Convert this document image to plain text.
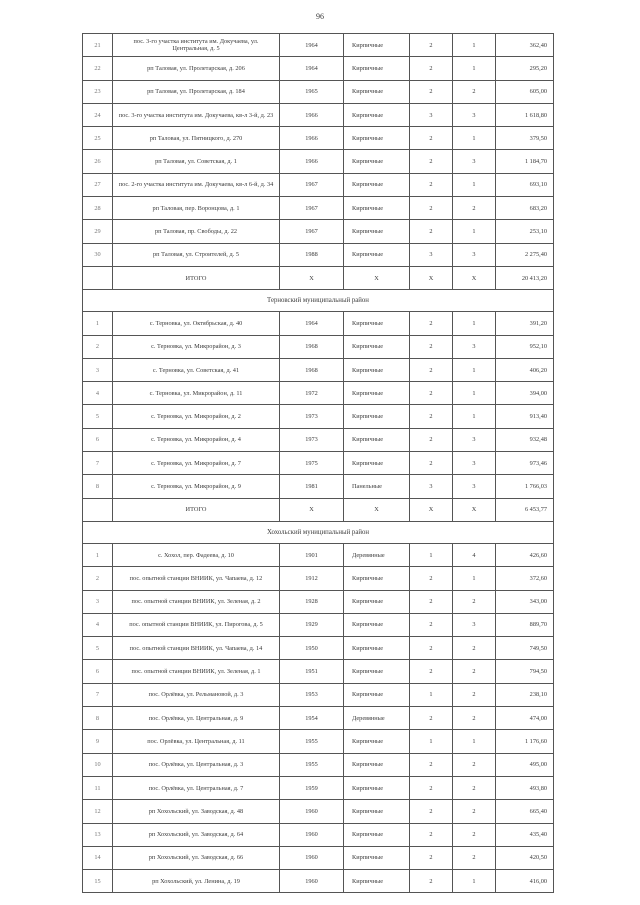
96
21	пос. 3-го участка института им. Докучаева, ул. Центральная, д. 5	1964	Кирпичные	2	1	362,40
22	рп Таловая, ул. Пролетарская, д. 206	1964	Кирпичные	2	1	295,20
23	рп Таловая, ул. Пролетарская, д. 184	1965	Кирпичные	2	2	605,00
24	пос. 3-го участка института им. Докучаева, кв-л 3-й, д. 23	1966	Кирпичные	3	3	1 618,80
25	рп Таловая, ул. Пятницкого, д. 270	1966	Кирпичные	2	1	379,50
26	рп Таловая, ул. Советская, д. 1	1966	Кирпичные	2	3	1 184,70
27	пос. 2-го участка института им. Докучаева, кв-л 6-й, д. 34	1967	Кирпичные	2	1	693,10
28	рп Таловая, пер. Воронцова, д. 1	1967	Кирпичные	2	2	683,20
29	рп Таловая, пр. Свободы, д. 22	1967	Кирпичные	2	1	253,10
30	рп Таловая, ул. Строителей, д. 5	1988	Кирпичные	3	3	2 275,40
	ИТОГО	X	X	X	X	20 413,20
Терновский муниципальный район						
1	с. Терновка, ул. Октябрьская, д. 40	1964	Кирпичные	2	1	391,20
2	с. Терновка, ул. Микрорайон, д. 3	1968	Кирпичные	2	3	952,10
3	с. Терновка, ул. Советская, д. 41	1968	Кирпичные	2	1	406,20
4	с. Терновка, ул. Микрорайон, д. 11	1972	Кирпичные	2	1	394,00
5	с. Терновка, ул. Микрорайон, д. 2	1973	Кирпичные	2	1	913,40
6	с. Терновка, ул. Микрорайон, д. 4	1973	Кирпичные	2	3	932,48
7	с. Терновка, ул. Микрорайон, д. 7	1975	Кирпичные	2	3	973,46
8	с. Терновка, ул. Микрорайон, д. 9	1981	Панельные	3	3	1 766,03
	ИТОГО	X	X	X	X	6 453,77
Хохольский муниципальный район						
1	с. Хохол, пер. Фадеева, д. 10	1901	Деревянные	1	4	426,60
2	пос. опытной станции ВНИИК, ул. Чапаева, д. 12	1912	Кирпичные	2	1	372,60
3	пос. опытной станции ВНИИК, ул. Зеленая, д. 2	1928	Кирпичные	2	2	343,00
4	пос. опытной станции ВНИИК, ул. Пирогова, д. 5	1929	Кирпичные	2	3	889,70
5	пос. опытной станции ВНИИК, ул. Чапаева, д. 14	1950	Кирпичные	2	2	749,50
6	пос. опытной станции ВНИИК, ул. Зеленая, д. 1	1951	Кирпичные	2	2	794,50
7	пос. Орлёвка, ул. Рельмановой, д. 3	1953	Кирпичные	1	2	238,10
8	пос. Орлёвка, ул. Центральная, д. 9	1954	Деревянные	2	2	474,00
9	пос. Орлёвка, ул. Центральная, д. 11	1955	Кирпичные	1	1	1 176,60
10	пос. Орлёвка, ул. Центральная, д. 3	1955	Кирпичные	2	2	495,00
11	пос. Орлёвка, ул. Центральная, д. 7	1959	Кирпичные	2	2	493,80
12	рп Хохольский, ул. Заводская, д. 48	1960	Кирпичные	2	2	665,40
13	рп Хохольский, ул. Заводская, д. 64	1960	Кирпичные	2	2	435,40
14	рп Хохольский, ул. Заводская, д. 66	1960	Кирпичные	2	2	420,50
15	рп Хохольский, ул. Ленина, д. 19	1960	Кирпичные	2	1	416,00
